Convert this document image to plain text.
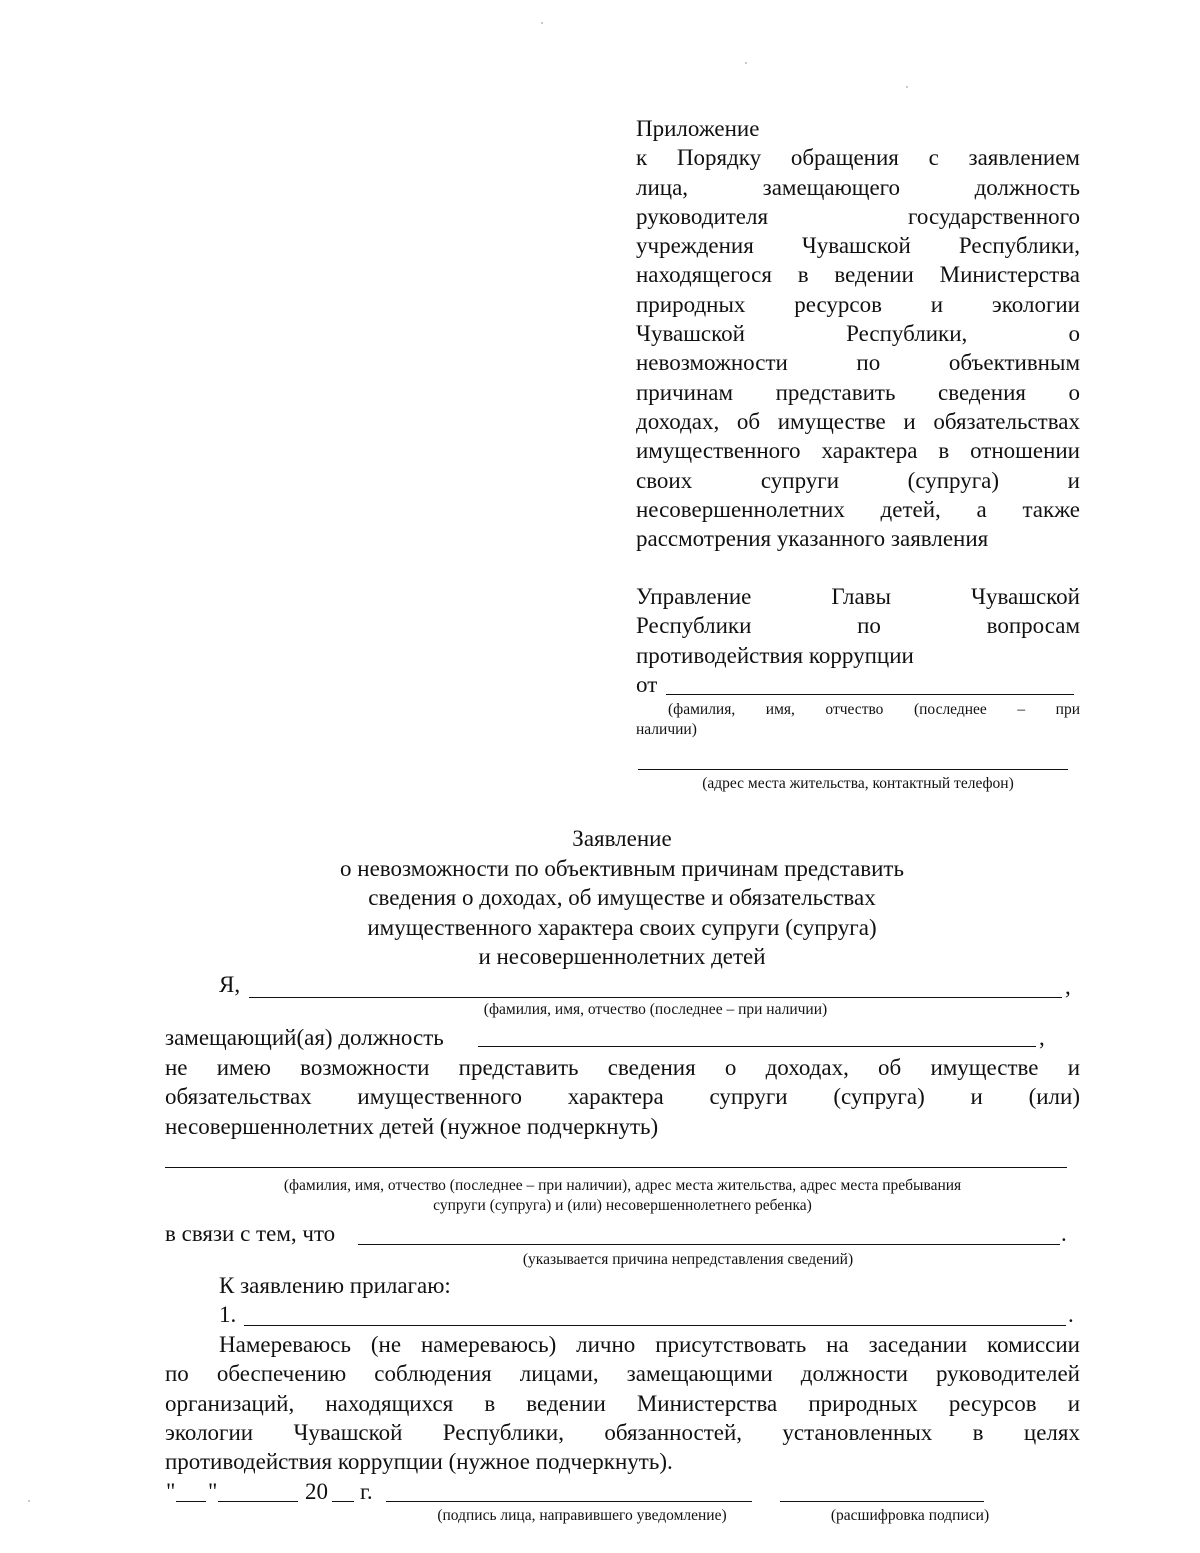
Приложение
к Порядку обращения с заявлением
лица, замещающего должность
руководителя государственного
учреждения Чувашской Республики,
находящегося в ведении Министерства
природных ресурсов и экологии
Чувашской Республики, о
невозможности по объективным
причинам представить сведения о
доходах, об имуществе и обязательствах
имущественного характера в отношении
своих супруги (супруга) и
несовершеннолетних детей, а также
рассмотрения указанного заявления
Управление Главы Чувашской
Республики по вопросам
противодействия коррупции
от
(фамилия, имя, отчество (последнее – при
наличии)
(адрес места жительства, контактный телефон)
Заявление
о невозможности по объективным причинам представить
сведения о доходах, об имуществе и обязательствах
имущественного характера своих супруги (супруга)
и несовершеннолетних детей
Я,	,
(фамилия, имя, отчество (последнее – при наличии)
замещающий(ая) должность	,
не имею возможности представить сведения о доходах, об имуществе и
обязательствах имущественного характера супруги (супруга) и (или)
несовершеннолетних детей (нужное подчеркнуть)
(фамилия, имя, отчество (последнее – при наличии), адрес места жительства, адрес места пребывания
супруги (супруга) и (или) несовершеннолетнего ребенка)
в связи с тем, что	.
(указывается причина непредставления сведений)
К заявлению прилагаю:
1.	.
Намереваюсь (не намереваюсь) лично присутствовать на заседании комиссии
по обеспечению соблюдения лицами, замещающими должности руководителей
организаций, находящихся в ведении Министерства природных ресурсов и
экологии Чувашской Республики, обязанностей, установленных в целях
противодействия коррупции (нужное подчеркнуть).
" "	20 г.
(подпись лица, направившего уведомление)	(расшифровка подписи)
